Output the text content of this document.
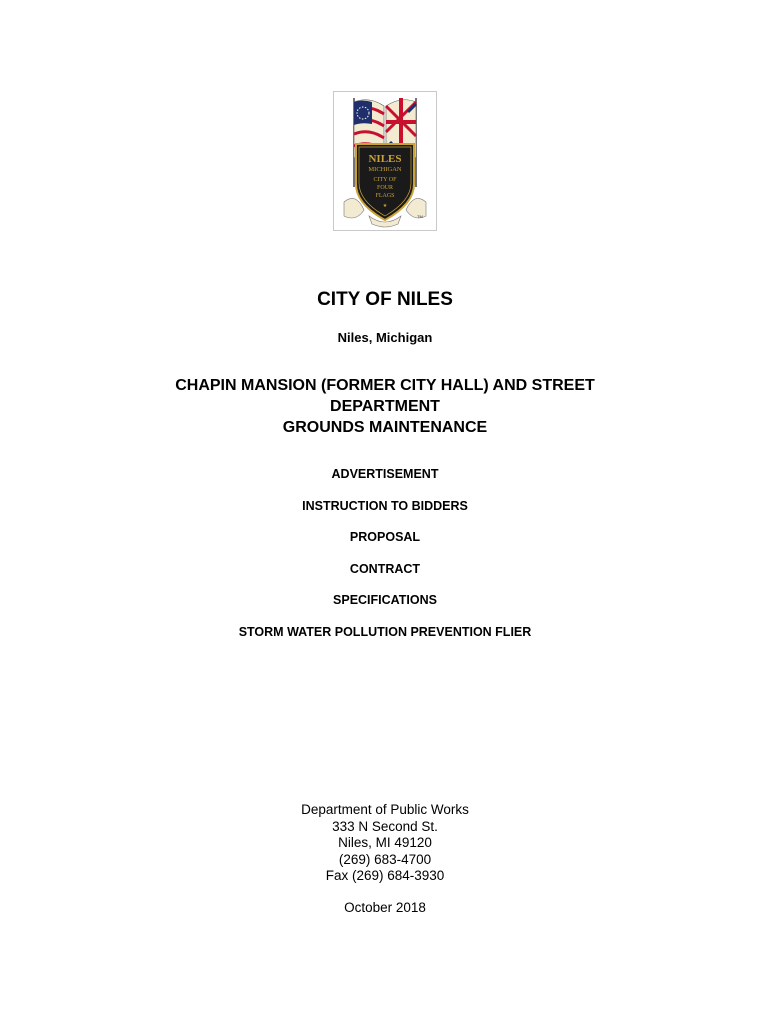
NILES
MICHIGAN
CITY OF
FOUR
FLAGS
★
TM
CITY OF NILES
Niles, Michigan
CHAPIN MANSION (FORMER CITY HALL) AND STREET
DEPARTMENT
GROUNDS MAINTENANCE
ADVERTISEMENT
INSTRUCTION TO BIDDERS
PROPOSAL
CONTRACT
SPECIFICATIONS
STORM WATER POLLUTION PREVENTION FLIER
Department of Public Works
333 N Second St.
Niles, MI 49120
(269) 683-4700
Fax (269) 684-3930
October 2018
